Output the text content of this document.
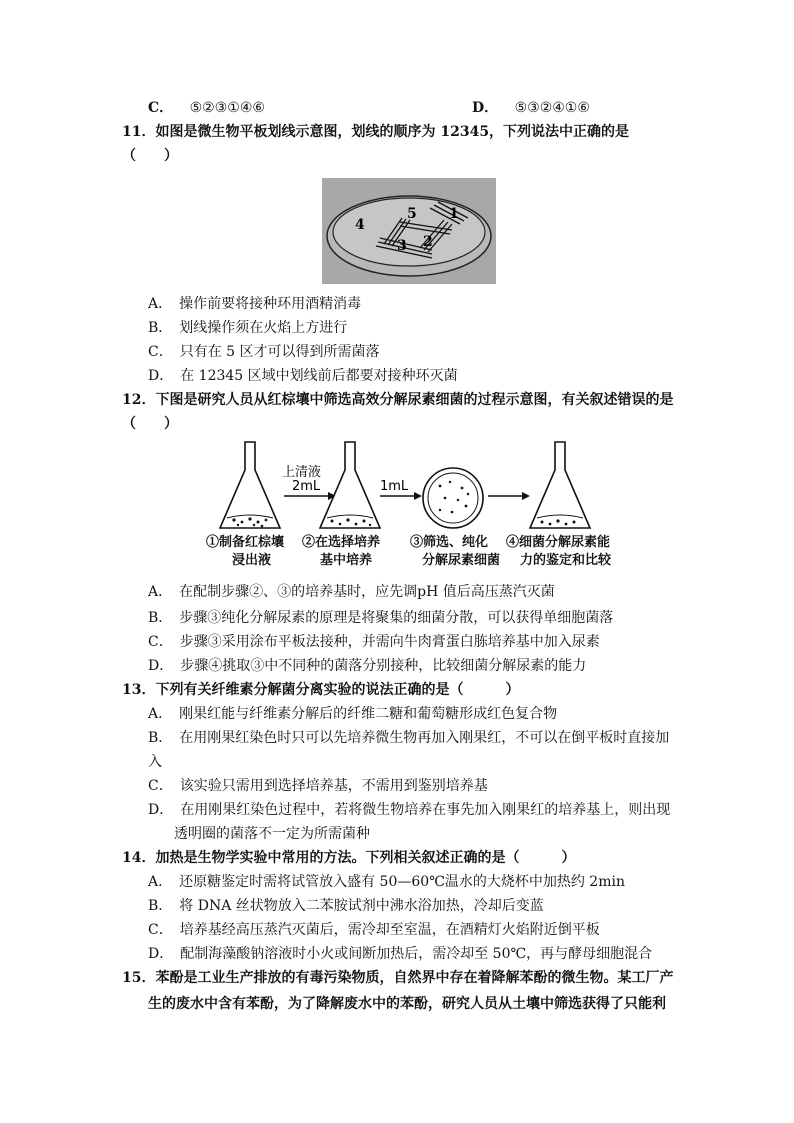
C． ⑤②③①④⑥	D． ⑤③②④①⑥
11．如图是微生物平板划线示意图，划线的顺序为 12345，下列说法中正确的是
（　　）
1
2
3
4
5
A．　操作前要将接种环用酒精消毒
B．　划线操作须在火焰上方进行
C．　只有在 5 区才可以得到所需菌落
D．　在 12345 区域中划线前后都要对接种环灭菌
12．下图是研究人员从红棕壤中筛选高效分解尿素细菌的过程示意图，有关叙述错误的是
（　　）
上清液
2mL	1mL
①制备红棕壤
浸出液
②在选择培养
基中培养
③筛选、纯化
分解尿素细菌
④细菌分解尿素能
力的鉴定和比较
A．　在配制步骤②、③的培养基时，应先调pH 值后高压蒸汽灭菌
B．　步骤③纯化分解尿素的原理是将聚集的细菌分散，可以获得单细胞菌落
C．　步骤③采用涂布平板法接种，并需向牛肉膏蛋白胨培养基中加入尿素
D．　步骤④挑取③中不同种的菌落分别接种，比较细菌分解尿素的能力
13．下列有关纤维素分解菌分离实验的说法正确的是（　　　）
A．　刚果红能与纤维素分解后的纤维二糖和葡萄糖形成红色复合物
B．　在用刚果红染色时只可以先培养微生物再加入刚果红，不可以在倒平板时直接加
入
C．　该实验只需用到选择培养基，不需用到鉴别培养基
D．　在用刚果红染色过程中，若将微生物培养在事先加入刚果红的培养基上，则出现
透明圈的菌落不一定为所需菌种
14．加热是生物学实验中常用的方法。下列相关叙述正确的是（　　　）
A．　还原糖鉴定时需将试管放入盛有 50—60℃温水的大烧杯中加热约 2min
B．　将 DNA 丝状物放入二苯胺试剂中沸水浴加热，冷却后变蓝
C．　培养基经高压蒸汽灭菌后，需冷却至室温，在酒精灯火焰附近倒平板
D．　配制海藻酸钠溶液时小火或间断加热后，需冷却至 50℃，再与酵母细胞混合
15．苯酚是工业生产排放的有毒污染物质，自然界中存在着降解苯酚的微生物。某工厂产
生的废水中含有苯酚，为了降解废水中的苯酚，研究人员从土壤中筛选获得了只能利
